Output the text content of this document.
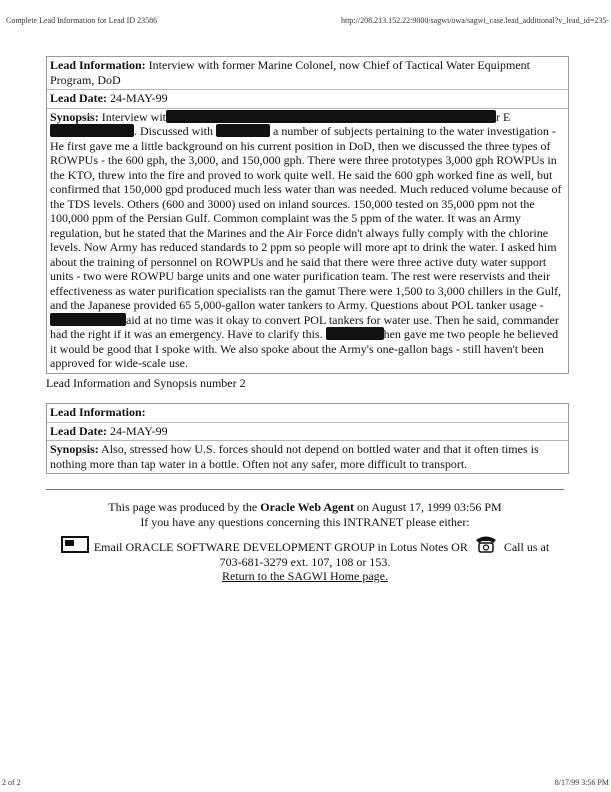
Complete Lead Information for Lead ID 23586	http://208.213.152.22:9000/sagwi/owa/sagwi_case.lead_additional?v_lead_id=235-
Lead Information: Interview with former Marine Colonel, now Chief of Tactical Water Equipment Program, DoD
Lead Date: 24-MAY-99
Synopsis: Interview wit	r E. Discussed with	a number of subjects pertaining to the water investigation - He first gave me a little background on his current position in DoD, then we discussed the three types of ROWPUs - the 600 gph, the 3,000, and 150,000 gph. There were three prototypes 3,000 gph ROWPUs in the KTO, threw into the fire and proved to work quite well. He said the 600 gph worked fine as well, but confirmed that 150,000 gpd produced much less water than was needed. Much reduced volume because of the TDS levels. Others (600 and 3000) used on inland sources. 150,000 tested on 35,000 ppm not the 100,000 ppm of the Persian Gulf. Common complaint was the 5 ppm of the water. It was an Army regulation, but he stated that the Marines and the Air Force didn't always fully comply with the chlorine levels. Now Army has reduced standards to 2 ppm so people will more apt to drink the water. I asked him about the training of personnel on ROWPUs and he said that there were three active duty water support units - two were ROWPU barge units and one water purification team. The rest were reservists and their effectiveness as water purification specialists ran the gamut There were 1,500 to 3,000 chillers in the Gulf, and the Japanese provided 65 5,000-gallon water tankers to Army. Questions about POL tanker usage - aid at no time was it okay to convert POL tankers for water use. Then he said, commander had the right if it was an emergency. Have to clarify this.	hen gave me two people he believed it would be good that I spoke with. We also spoke about the Army's one-gallon bags - still haven't been approved for wide-scale use.
Lead Information and Synopsis number 2
Lead Information:
Lead Date: 24-MAY-99
Synopsis: Also, stressed how U.S. forces should not depend on bottled water and that it often times is nothing more than tap water in a bottle. Often not any safer, more difficult to transport.
This page was produced by the Oracle Web Agent on August 17, 1999 03:56 PM
If you have any questions concerning this INTRANET please either:
Email ORACLE SOFTWARE DEVELOPMENT GROUP in Lotus Notes OR	Call us at
703-681-3279 ext. 107, 108 or 153.
Return to the SAGWI Home page.
2 of 2	8/17/99 3:56 PM
